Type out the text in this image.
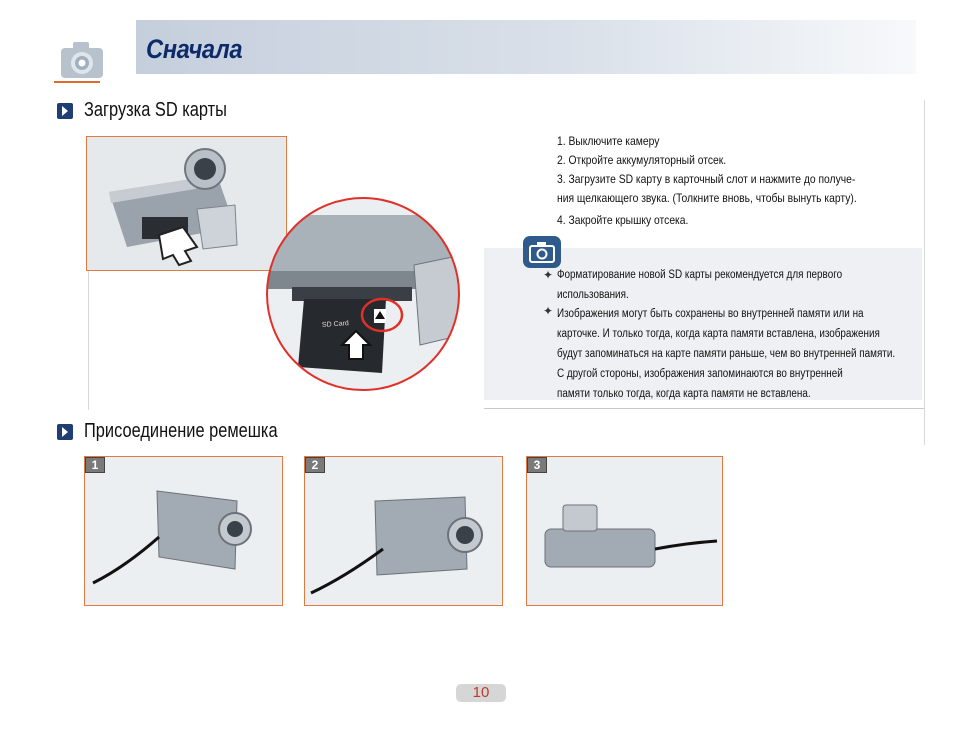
Сначала
Загрузка SD карты
SD Card
1. Выключите камеру
2. Откройте аккумуляторный отсек.
3. Загрузите SD карту в карточный слот и нажмите до получе-
ния щелкающего звука. (Толкните вновь, чтобы вынуть карту).
4. Закройте крышку отсека.
✦
✦
Форматирование новой SD карты рекомендуется для первого
использования.
Изображения могут быть сохранены во внутренней памяти или на
карточке. И только тогда, когда карта памяти вставлена, изображения
будут запоминаться на карте памяти раньше, чем во внутренней памяти.
С другой стороны, изображения запоминаются во внутренней
памяти только тогда, когда карта памяти не вставлена.
Присоединение ремешка
1	2	3
10
